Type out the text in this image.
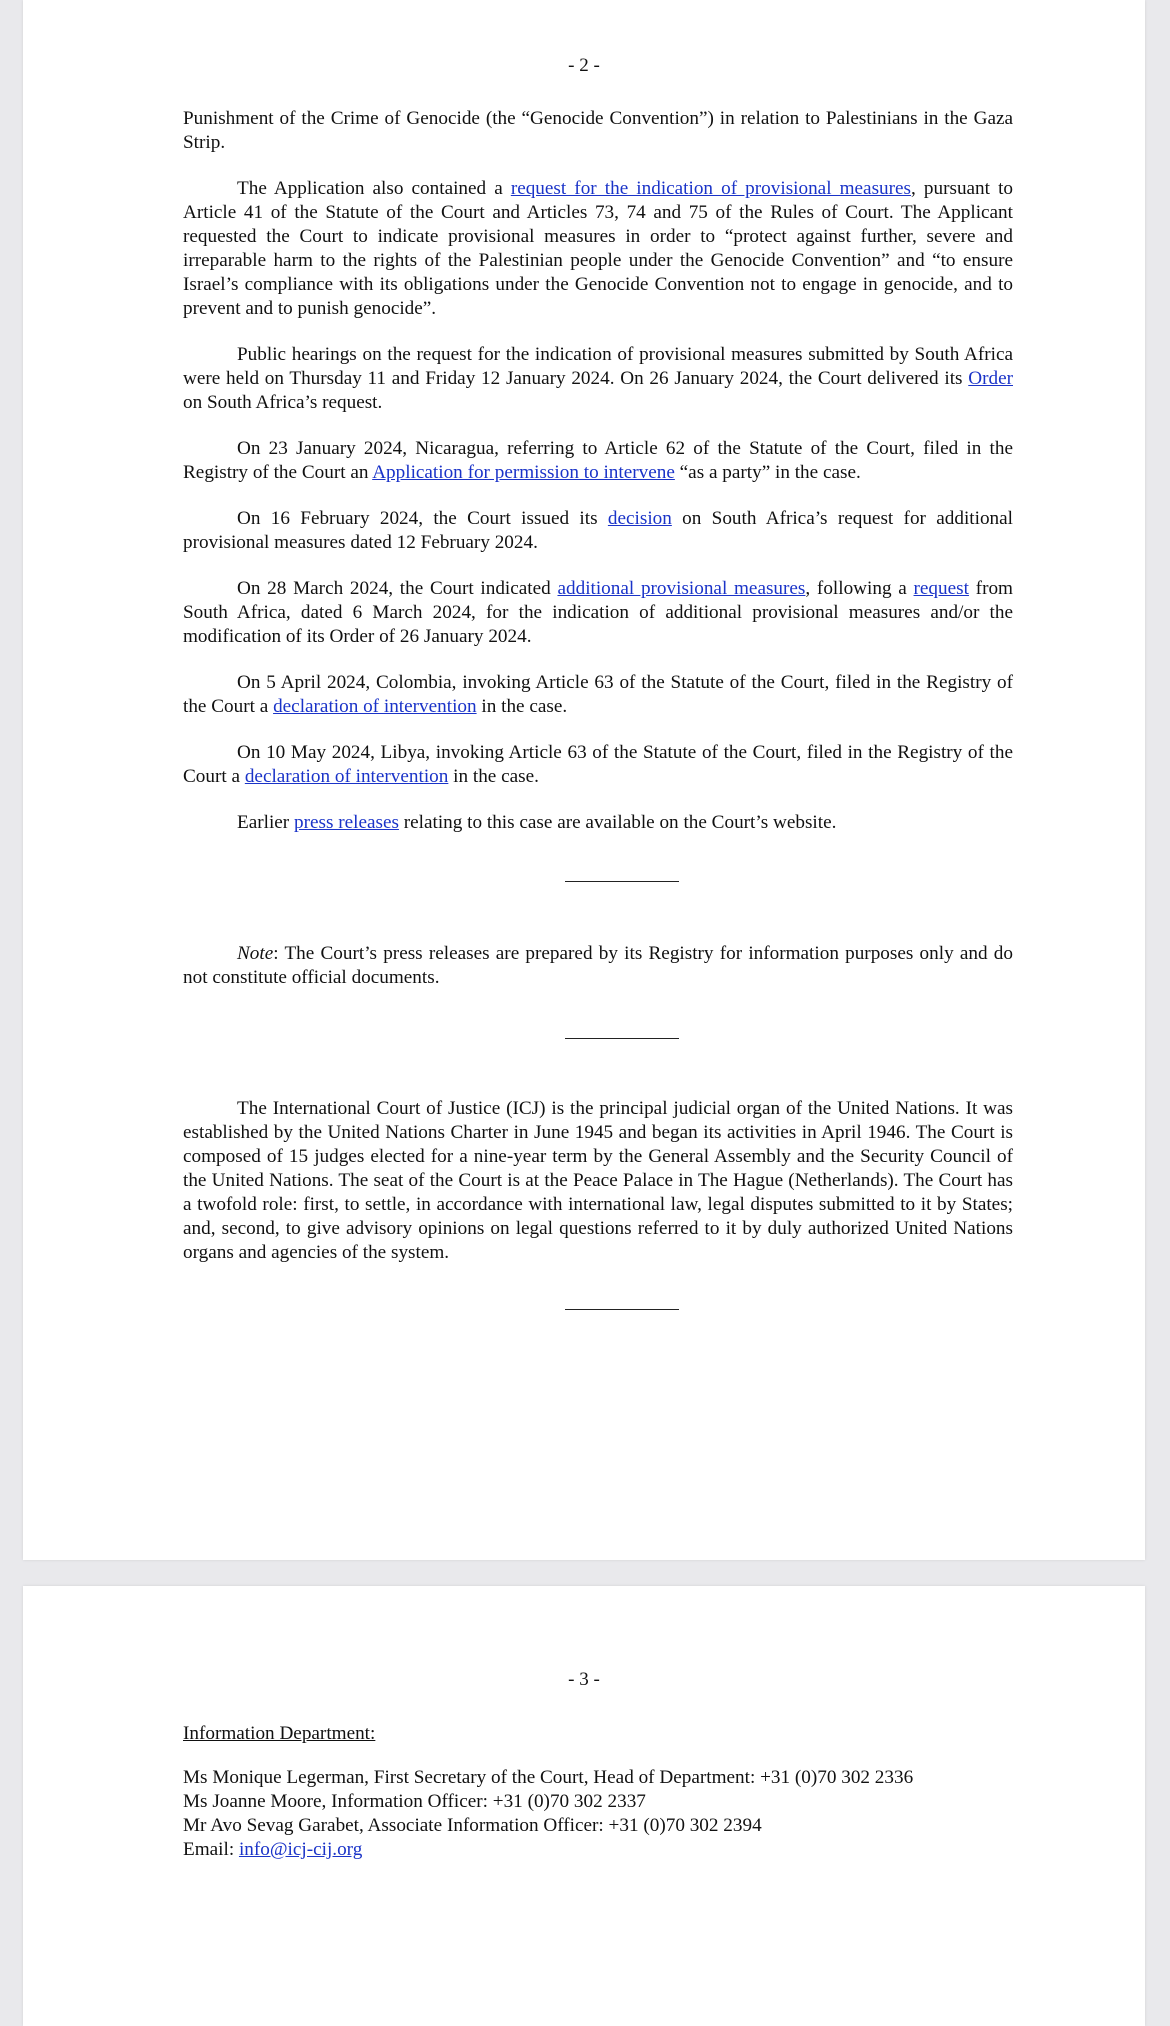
- 2 -

Punishment of the Crime of Genocide (the “Genocide Convention”) in relation to Palestinians in the Gaza Strip.

The Application also contained a request for the indication of provisional measures, pursuant to Article 41 of the Statute of the Court and Articles 73, 74 and 75 of the Rules of Court. The Applicant requested the Court to indicate provisional measures in order to “protect against further, severe and irreparable harm to the rights of the Palestinian people under the Genocide Convention” and “to ensure Israel’s compliance with its obligations under the Genocide Convention not to engage in genocide, and to prevent and to punish genocide”.

Public hearings on the request for the indication of provisional measures submitted by South Africa were held on Thursday 11 and Friday 12 January 2024. On 26 January 2024, the Court delivered its Order on South Africa’s request.

On 23 January 2024, Nicaragua, referring to Article 62 of the Statute of the Court, filed in the Registry of the Court an Application for permission to intervene “as a party” in the case.

On 16 February 2024, the Court issued its decision on South Africa’s request for additional provisional measures dated 12 February 2024.

On 28 March 2024, the Court indicated additional provisional measures, following a request from South Africa, dated 6 March 2024, for the indication of additional provisional measures and/or the modification of its Order of 26 January 2024.

On 5 April 2024, Colombia, invoking Article 63 of the Statute of the Court, filed in the Registry of the Court a declaration of intervention in the case.

On 10 May 2024, Libya, invoking Article 63 of the Statute of the Court, filed in the Registry of the Court a declaration of intervention in the case.

Earlier press releases relating to this case are available on the Court’s website.

Note: The Court’s press releases are prepared by its Registry for information purposes only and do not constitute official documents.

The International Court of Justice (ICJ) is the principal judicial organ of the United Nations. It was established by the United Nations Charter in June 1945 and began its activities in April 1946. The Court is composed of 15 judges elected for a nine-year term by the General Assembly and the Security Council of the United Nations. The seat of the Court is at the Peace Palace in The Hague (Netherlands). The Court has a twofold role: first, to settle, in accordance with international law, legal disputes submitted to it by States; and, second, to give advisory opinions on legal questions referred to it by duly authorized United Nations organs and agencies of the system.

- 3 -
Information Department:
Ms Monique Legerman, First Secretary of the Court, Head of Department: +31 (0)70 302 2336
Ms Joanne Moore, Information Officer: +31 (0)70 302 2337
Mr Avo Sevag Garabet, Associate Information Officer: +31 (0)70 302 2394
Email: info@icj-cij.org
